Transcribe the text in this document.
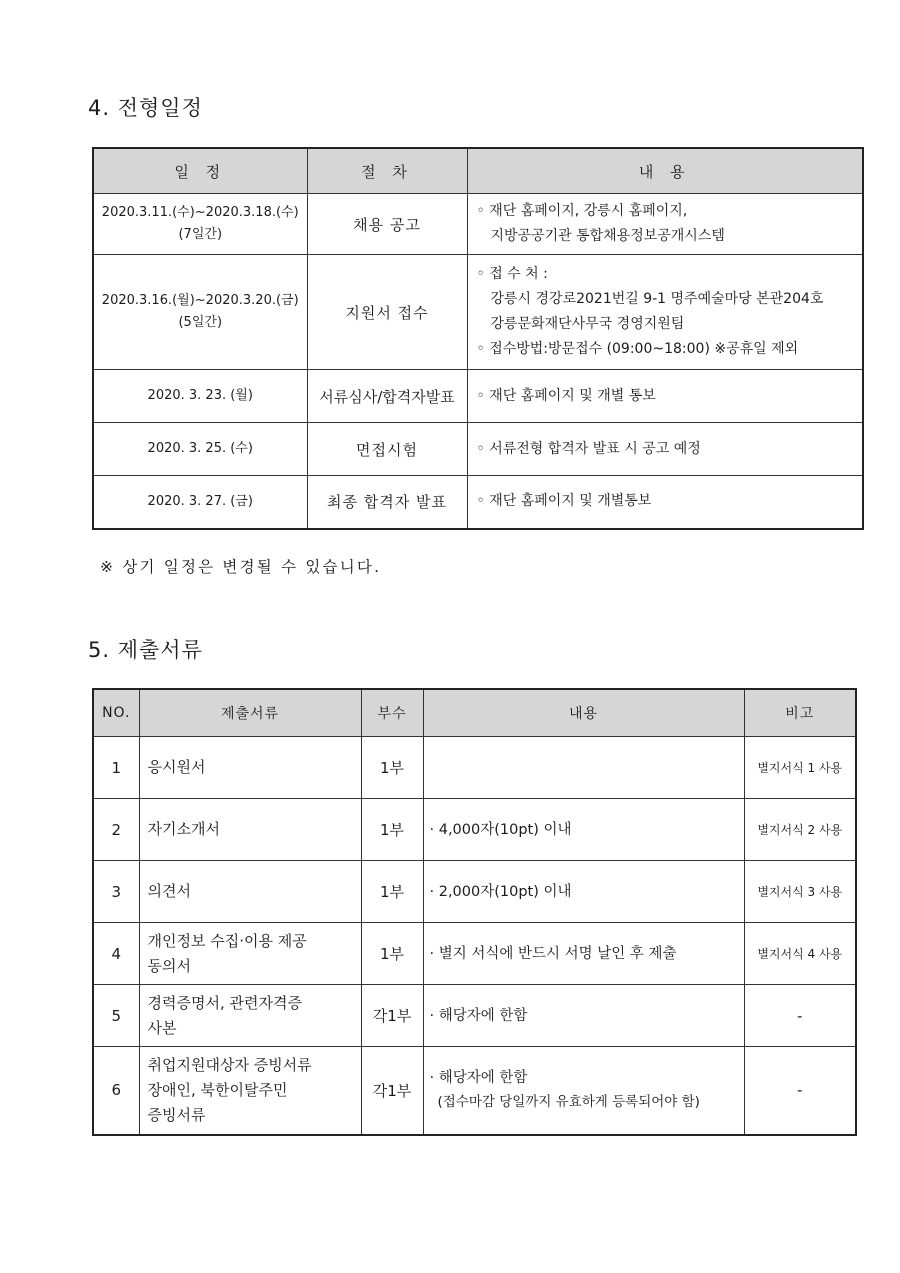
4. 전형일정
일 정	절 차	내 용

2020.3.11.(수)~2020.3.18.(수)
(7일간)	채용 공고	◦ 재단 홈페이지, 강릉시 홈페이지,
지방공공기관 통합채용정보공개시스템

2020.3.16.(월)~2020.3.20.(금)
(5일간)	지원서 접수	◦ 접 수 처 :
강릉시 경강로2021번길 9-1 명주예술마당 본관204호
강릉문화재단사무국 경영지원팀
◦ 접수방법:방문접수 (09:00~18:00) ※공휴일 제외

2020. 3. 23. (월)	서류심사/합격자발표	◦ 재단 홈페이지 및 개별 통보
2020. 3. 25. (수)	면접시험	◦ 서류전형 합격자 발표 시 공고 예정
2020. 3. 27. (금)	최종 합격자 발표	◦ 재단 홈페이지 및 개별통보
※ 상기 일정은 변경될 수 있습니다.
5. 제출서류
NO.	제출서류	부수	내용	비고
1	응시원서	1부		별지서식 1 사용
2	자기소개서	1부	· 4,000자(10pt) 이내	별지서식 2 사용
3	의견서	1부	· 2,000자(10pt) 이내	별지서식 3 사용
4	개인정보 수집·이용 제공
동의서	1부	· 별지 서식에 반드시 서명 날인 후 제출	별지서식 4 사용
5	경력증명서, 관련자격증
사본	각1부	· 해당자에 한함	-
6	취업지원대상자 증빙서류
장애인, 북한이탈주민
증빙서류	각1부	· 해당자에 한함
(접수마감 당일까지 유효하게 등록되어야 함)	-
